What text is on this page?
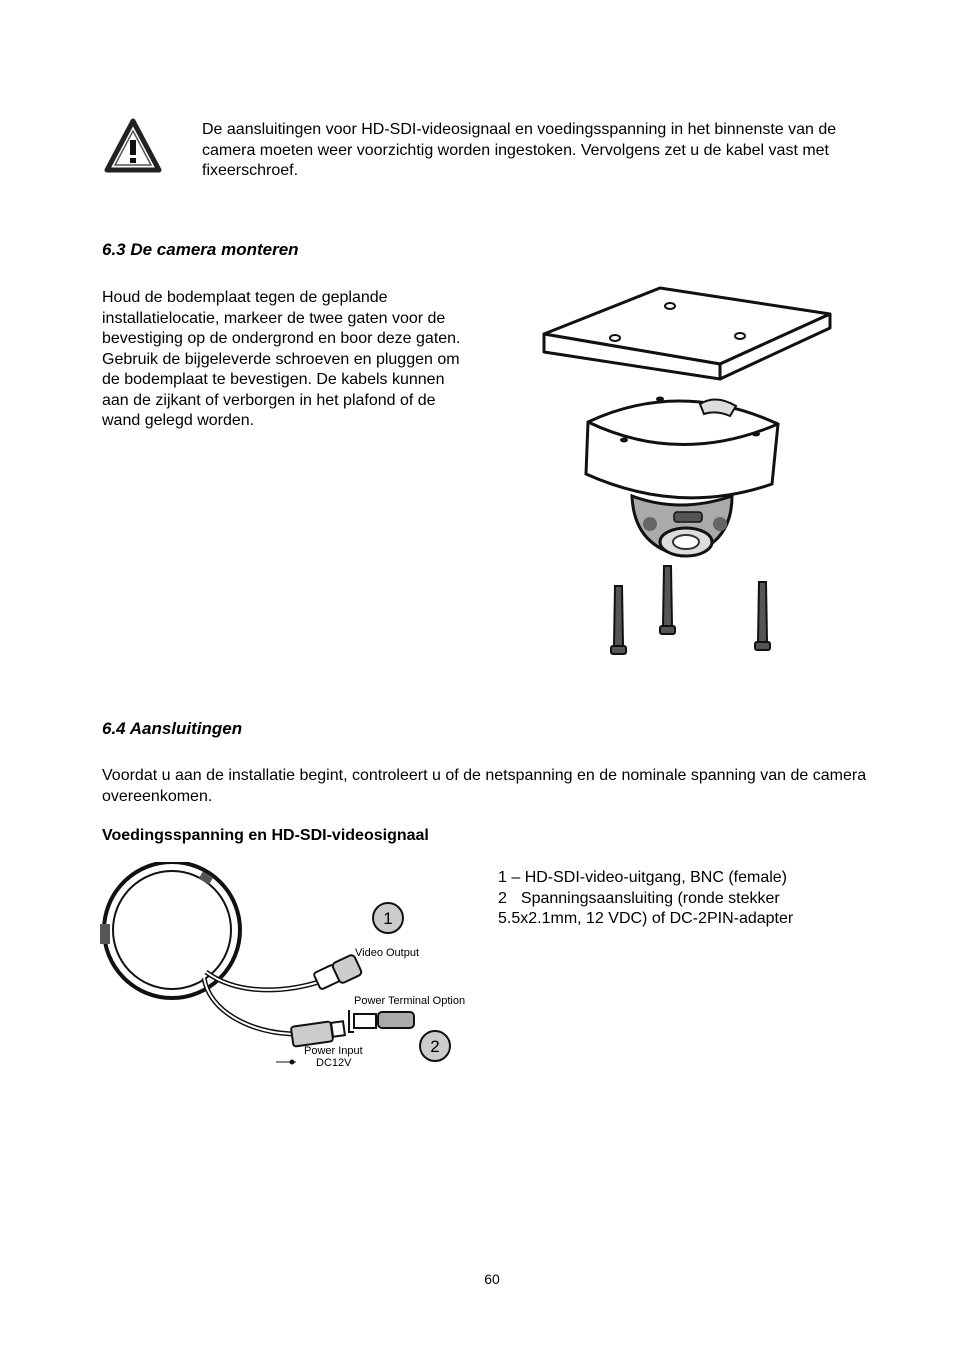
De aansluitingen voor HD-SDI-videosignaal en voedingsspanning in het binnenste van de camera moeten weer voorzichtig worden ingestoken. Vervolgens zet u de kabel vast met fixeerschroef.

6.3 De camera monteren

Houd de bodemplaat tegen de geplande installatielocatie, markeer de twee gaten voor de bevestiging op de ondergrond en boor deze gaten. Gebruik de bijgeleverde schroeven en pluggen om de bodemplaat te bevestigen. De kabels kunnen aan de zijkant of verborgen in het plafond of de wand gelegd worden.

6.4 Aansluitingen

Voordat u aan de installatie begint, controleert u of de netspanning en de nominale spanning van de camera overeenkomen.

Voedingsspanning en HD-SDI-videosignaal
1
2
Video Output
Power Terminal Option
Power Input
DC12V
1 – HD-SDI-video-uitgang, BNC (female)
2 Spanningsaansluiting (ronde stekker
5.5x2.1mm, 12 VDC) of DC-2PIN-adapter
60
